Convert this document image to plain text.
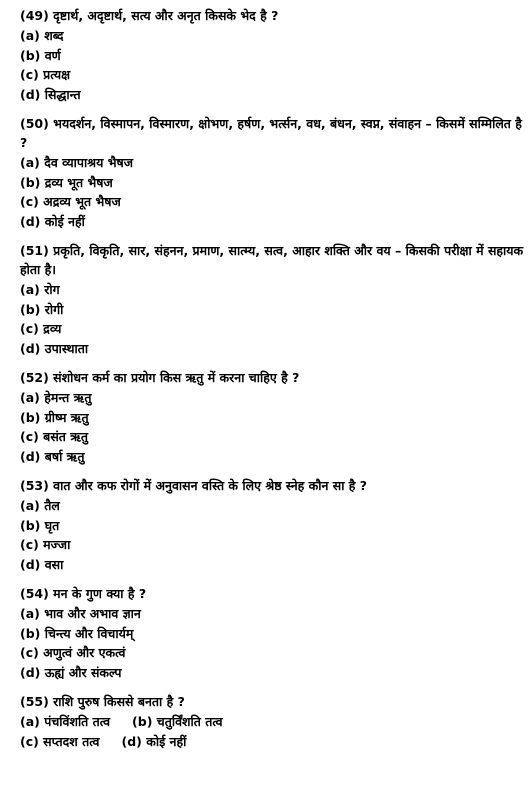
(49) दृष्टार्थ, अदृष्टार्थ, सत्य और अनृत किसके भेद है ?
(a) शब्द
(b) वर्ण
(c) प्रत्यक्ष
(d) सिद्धान्त
(50) भयदर्शन, विस्मापन, विस्मारण, क्षोभण, हर्षण, भर्त्सन, वध, बंधन, स्वप्न, संवाहन – किसमें सम्मिलित है ?
(a) दैव व्यापाश्रय भैषज
(b) द्रव्य भूत भैषज
(c) अद्रव्य भूत भैषज
(d) कोई नहीं
(51) प्रकृति, विकृति, सार, संहनन, प्रमाण, सात्म्य, सत्व, आहार शक्ति और वय – किसकी परीक्षा में सहायक होता है।
(a) रोग
(b) रोगी
(c) द्रव्य
(d) उपास्थाता
(52) संशोधन कर्म का प्रयोग किस ऋतु में करना चाहिए है ?
(a) हेमन्त ऋतु
(b) ग्रीष्म ऋतु
(c) बसंत ऋतु
(d) बर्षा ऋतु
(53) वात और कफ रोगों में अनुवासन वस्ति के लिए श्रेष्ठ स्नेह कौन सा है ?
(a) तैल
(b) घृत
(c) मज्जा
(d) वसा
(54) मन के गुण क्या है ?
(a) भाव और अभाव ज्ञान
(b) चिन्त्य और विचार्यम्
(c) अणुत्वं और एकत्वं
(d) ऊह्यं और संकल्प
(55) राशि पुरुष किससे बनता है ?
(a) पंचविंशति तत्व (b) चतुर्विंशति तत्व
(c) सप्तदश तत्व (d) कोई नहीं
